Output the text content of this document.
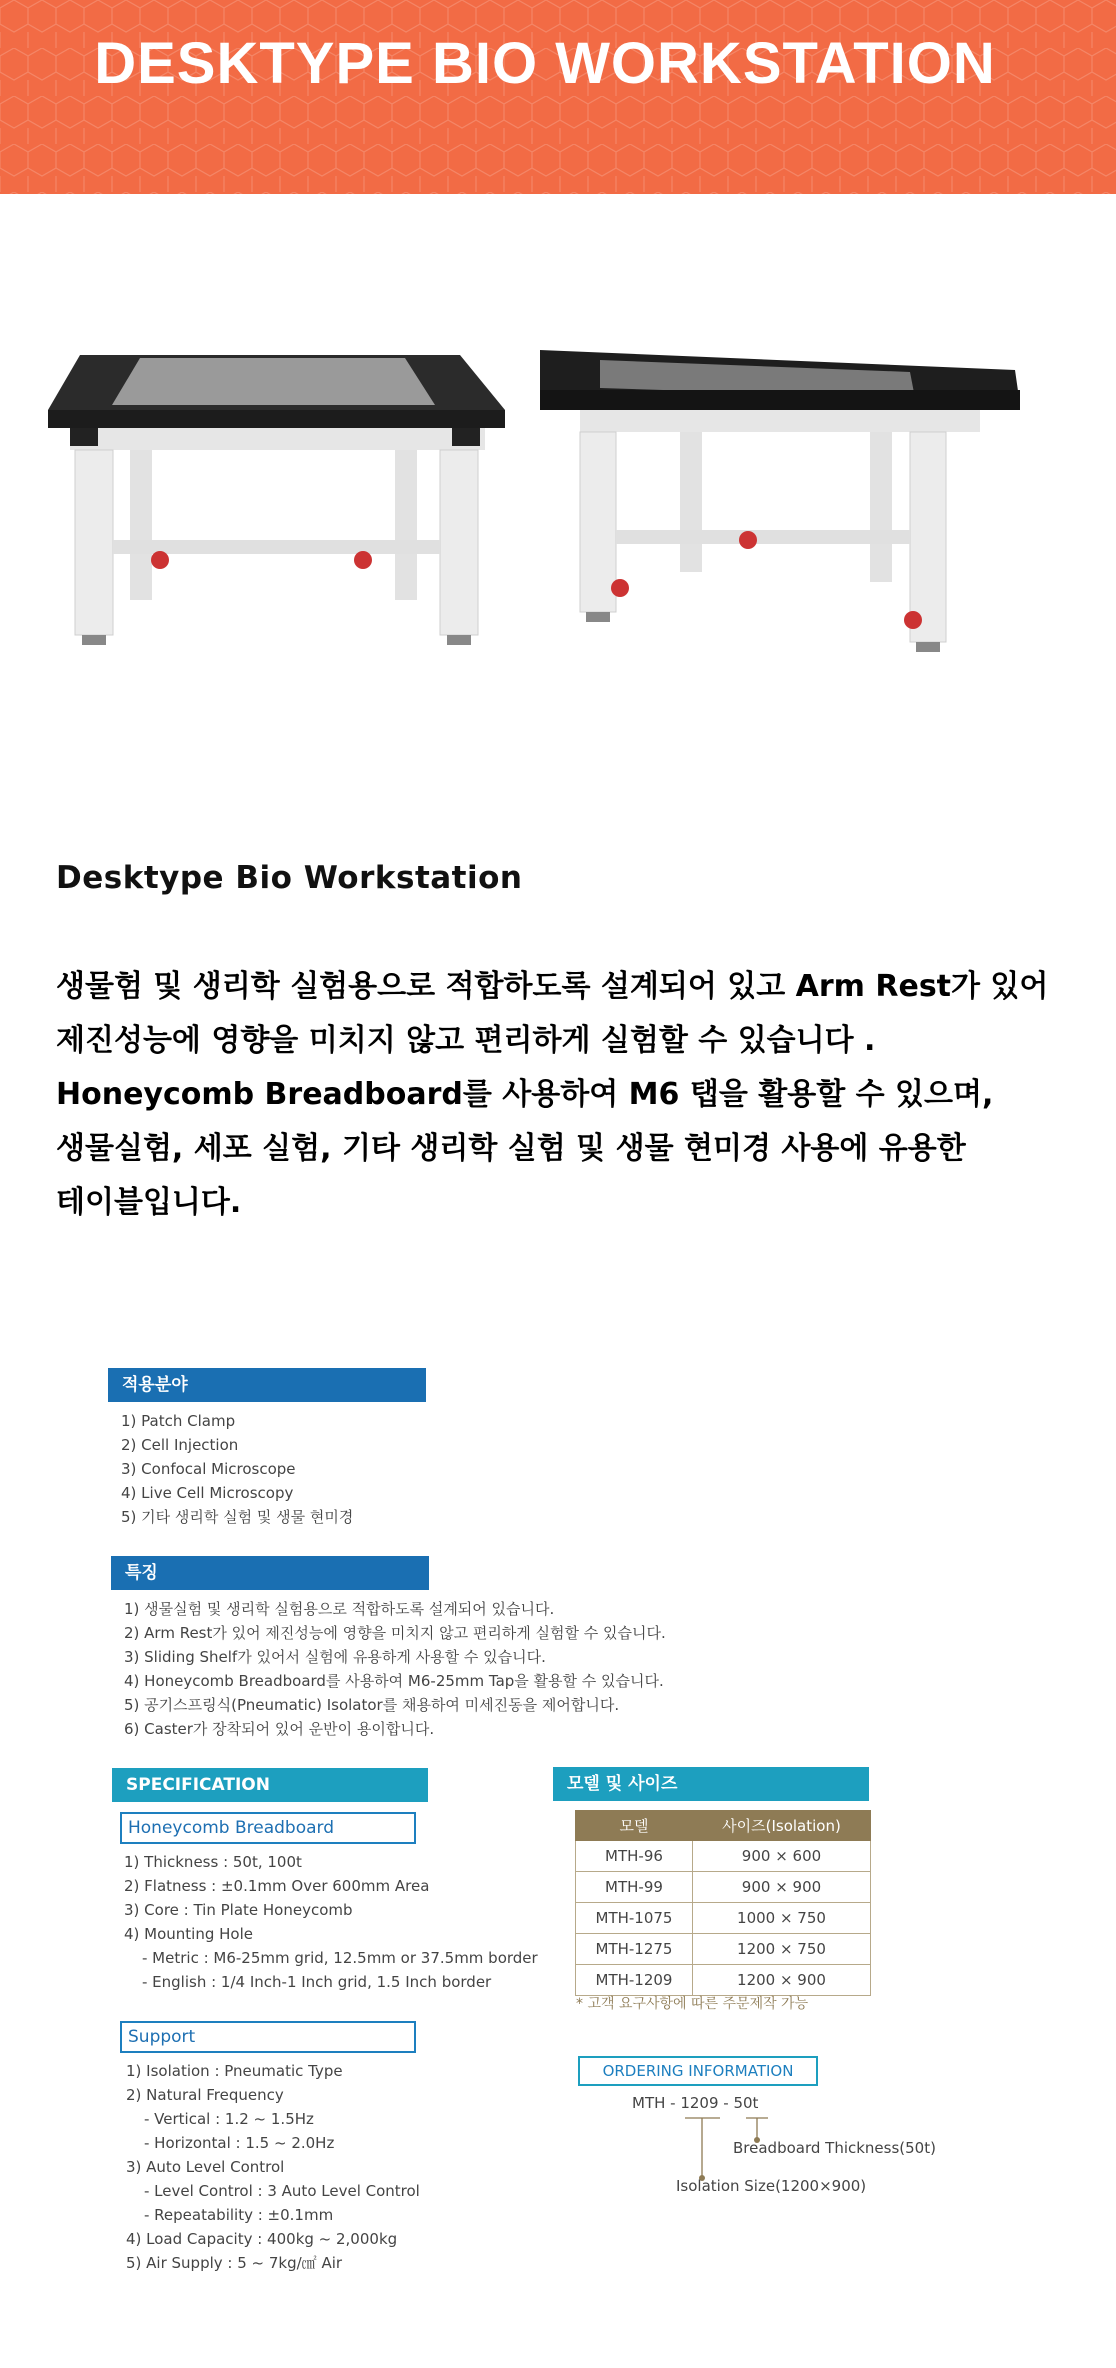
DESKTYPE BIO WORKSTATION
Desktype Bio Workstation

생물험 및 생리학 실험용으로 적합하도록 설계되어 있고 Arm Rest가 있어

제진성능에 영향을 미치지 않고 편리하게 실험할 수 있습니다 .

Honeycomb Breadboard를 사용하여 M6 탭을 활용할 수 있으며,

생물실험, 세포 실험, 기타 생리학 실험 및 생물 현미경 사용에 유용한

테이블입니다.

적용분야
1) Patch Clamp
2) Cell Injection
3) Confocal Microscope
4) Live Cell Microscopy
5) 기타 생리학 실험 및 생물 현미경
특징
1) 생물실험 및 생리학 실험용으로 적합하도록 설계되어 있습니다.
2) Arm Rest가 있어 제진성능에 영향을 미치지 않고 편리하게 실험할 수 있습니다.
3) Sliding Shelf가 있어서 실험에 유용하게 사용할 수 있습니다.
4) Honeycomb Breadboard를 사용하여 M6-25mm Tap을 활용할 수 있습니다.
5) 공기스프링식(Pneumatic) Isolator를 채용하여 미세진동을 제어합니다.
6) Caster가 장착되어 있어 운반이 용이합니다.
SPECIFICATION
Honeycomb Breadboard
1) Thickness : 50t, 100t
2) Flatness : ±0.1mm Over 600mm Area
3) Core : Tin Plate Honeycomb
4) Mounting Hole
- Metric : M6-25mm grid, 12.5mm or 37.5mm border
- English : 1/4 Inch-1 Inch grid, 1.5 Inch border
Support
1) Isolation : Pneumatic Type
2) Natural Frequency
- Vertical : 1.2 ~ 1.5Hz
- Horizontal : 1.5 ~ 2.0Hz
3) Auto Level Control
- Level Control : 3 Auto Level Control
- Repeatability : ±0.1mm
4) Load Capacity : 400kg ~ 2,000kg
5) Air Supply : 5 ~ 7kg/㎠ Air
모델 및 사이즈
모델	사이즈(Isolation)
MTH-96	900 × 600
MTH-99	900 × 900
MTH-1075	1000 × 750
MTH-1275	1200 × 750
MTH-1209	1200 × 900
* 고객 요구사항에 따른 주문제작 가능
ORDERING INFORMATION
MTH - 1209 - 50t
Breadboard Thickness(50t)
Isolation Size(1200×900)
